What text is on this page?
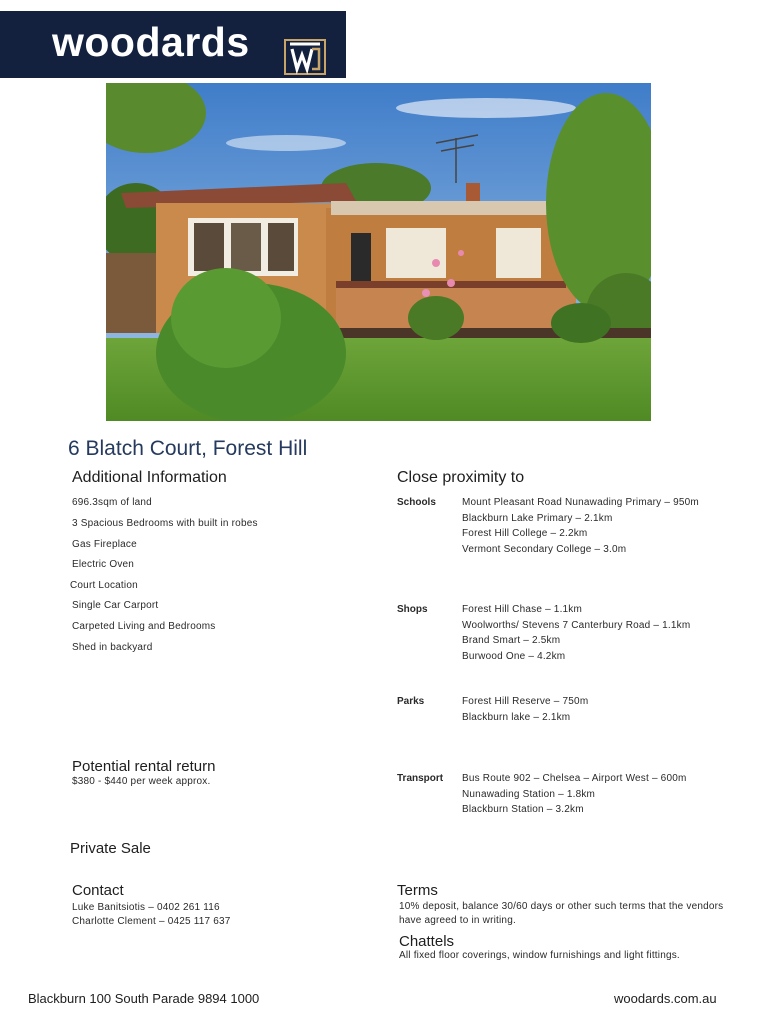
woodards
6 Blatch Court, Forest Hill
Additional Information
696.3sqm of land
3 Spacious Bedrooms with built in robes
Gas Fireplace
Electric Oven
Court Location
Single Car Carport
Carpeted Living and Bedrooms
Shed in backyard
Close proximity to
Schools	Mount Pleasant Road Nunawading Primary – 950m
Blackburn Lake Primary – 2.1km
Forest Hill College – 2.2km
Vermont Secondary College – 3.0m
Shops	Forest Hill Chase – 1.1km
Woolworths/ Stevens 7 Canterbury Road – 1.1km
Brand Smart – 2.5km
Burwood One – 4.2km
Parks	Forest Hill Reserve – 750m
Blackburn lake – 2.1km
Transport Bus Route 902 – Chelsea – Airport West – 600m
Nunawading Station – 1.8km
Blackburn Station – 3.2km
Potential rental return
$380 - $440 per week approx.
Private Sale
Contact
Luke Banitsiotis – 0402 261 116
Charlotte Clement – 0425 117 637
Terms
10% deposit, balance 30/60 days or other such terms that the vendors have agreed to in writing.
Chattels
All fixed floor coverings, window furnishings and light fittings.
Blackburn 100 South Parade 9894 1000	woodards.com.au
